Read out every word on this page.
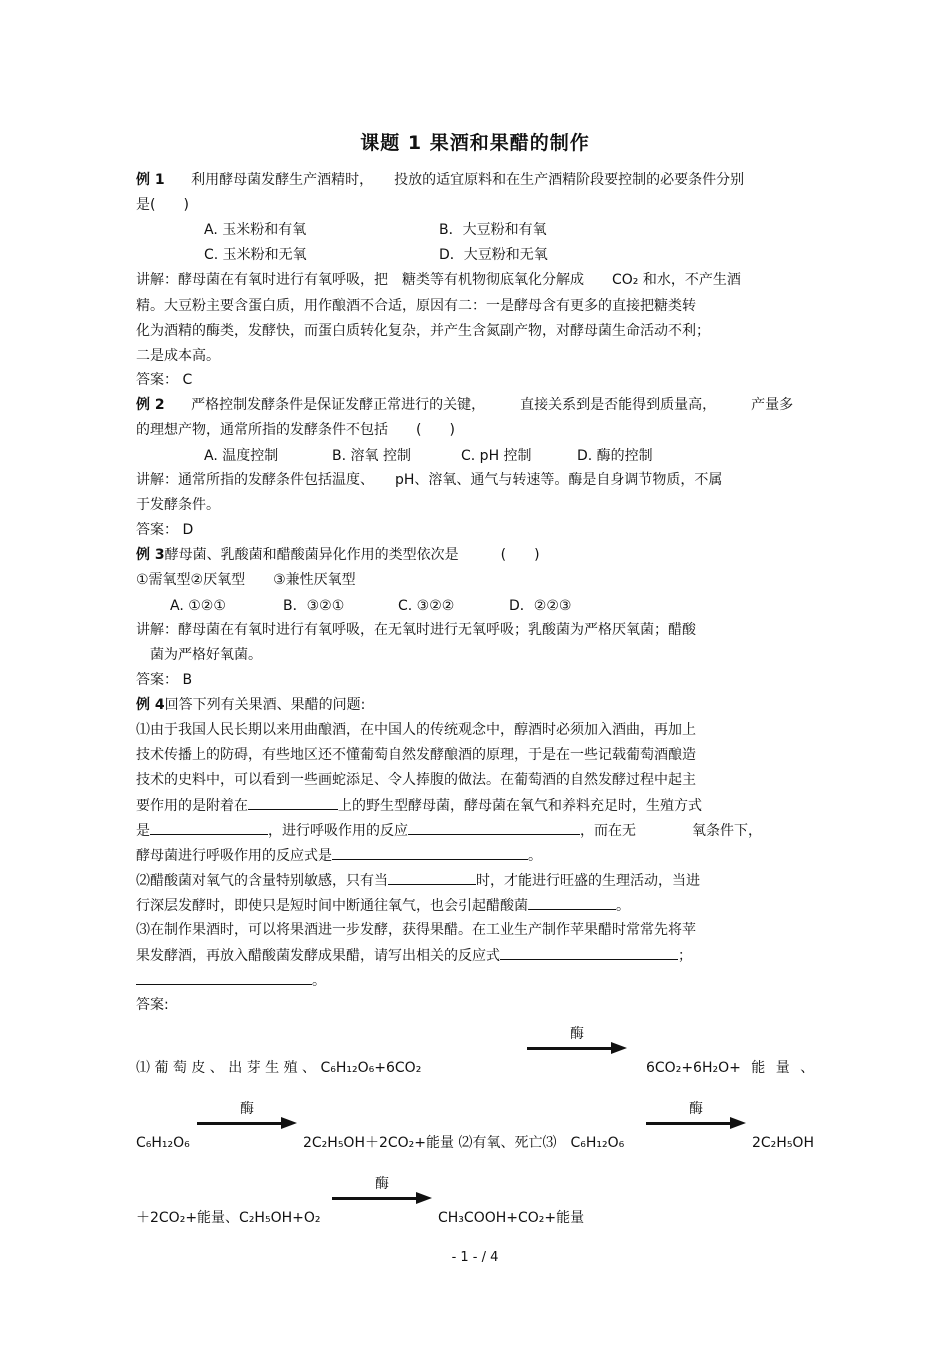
课题 1 果酒和果醋的制作
例 1 利用酵母菌发酵生产酒精时，　　投放的适宜原料和在生产酒精阶段要控制的必要条件分别
是(　　)
A. 玉米粉和有氧	B．大豆粉和有氧
C. 玉米粉和无氧	D．大豆粉和无氧
讲解：酵母菌在有氧时进行有氧呼吸，把　糖类等有机物彻底氧化分解成　　CO₂ 和水，不产生酒
精。大豆粉主要含蛋白质，用作酿酒不合适，原因有二：一是酵母含有更多的直接把糖类转
化为酒精的酶类，发酵快，而蛋白质转化复杂，并产生含氮副产物，对酵母菌生命活动不利；
二是成本高。
答案： C
例 2 严格控制发酵条件是保证发酵正常进行的关键，　　　直接关系到是否能得到质量高，　　　产量多
的理想产物，通常所指的发酵条件不包括　　(　　)
A. 温度控制	B. 溶氧 控制	C. pH 控制	D. 酶的控制
讲解：通常所指的发酵条件包括温度、　　pH、溶氧、通气与转速等。酶是自身调节物质，不属
于发酵条件。
答案： D
例 3酵母菌、乳酸菌和醋酸菌异化作用的类型依次是　　　(　　)
①需氧型②厌氧型　　③兼性厌氧型
A. ①②①	B．③②①	C. ③②②	D．②②③
讲解：酵母菌在有氧时进行有氧呼吸，在无氧时进行无氧呼吸；乳酸菌为严格厌氧菌；醋酸
菌为严格好氧菌。
答案： B
例 4回答下列有关果酒、果醋的问题:
⑴由于我国人民长期以来用曲酿酒，在中国人的传统观念中，醇酒时必须加入酒曲，再加上
技术传播上的防碍，有些地区还不懂葡萄自然发酵酿酒的原理，于是在一些记载葡萄酒酿造
技术的史料中，可以看到一些画蛇添足、令人捧腹的做法。在葡萄酒的自然发酵过程中起主
要作用的是附着在	上的野生型酵母菌，酵母菌在氧气和养料充足时，生殖方式
是	，进行呼吸作用的反应	，而在无　　　　氧条件下，
酵母菌进行呼吸作用的反应式是	。
⑵醋酸菌对氧气的含量特别敏感，只有当	时，才能进行旺盛的生理活动，当进
行深层发酵时，即使只是短时间中断通往氧气，也会引起醋酸菌	。
⑶在制作果酒时，可以将果酒进一步发酵，获得果醋。在工业生产制作苹果醋时常常先将苹
果发酵酒，再放入醋酸菌发酵成果醋，请写出相关的反应式	；
。
答案:
酶
⑴ 葡 萄 皮 、 出 芽 生 殖 、 C₆H₁₂O₆+6CO₂	6CO₂+6H₂O+ 能 量 、
酶	酶
C₆H₁₂O₆	2C₂H₅OH＋2CO₂+能量 ⑵有氧、死亡⑶　C₆H₁₂O₆	2C₂H₅OH
酶
＋2CO₂+能量、C₂H₅OH+O₂	CH₃COOH+CO₂+能量
- 1 - / 4
